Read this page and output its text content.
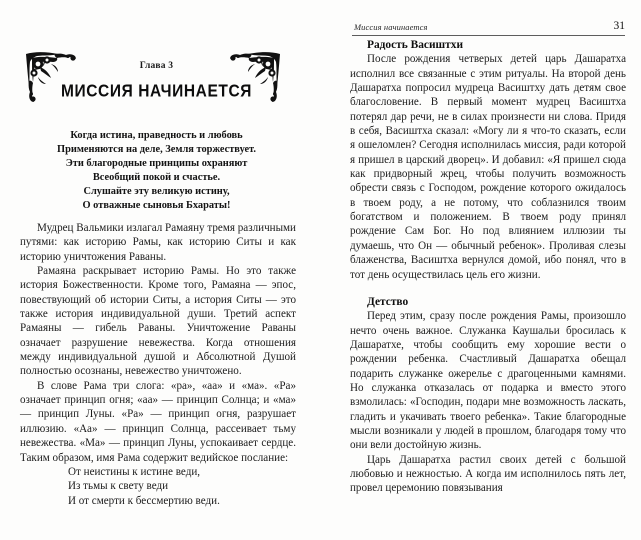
Глава 3
МИССИЯ НАЧИНАЕТСЯ
Когда истина, праведность и любовь
Применяются на деле, Земля торжествует.
Эти благородные принципы охраняют
Всеобщий покой и счастье.
Слушайте эту великую истину,
О отважные сыновья Бхараты!

Мудрец Вальмики излагал Рамаяну тремя различными путями: как историю Рамы, как историю Ситы и как историю уничтожения Раваны.

Рамаяна раскрывает историю Рамы. Но это также история Божественности. Кроме того, Рамаяна — эпос, повествующий об истории Ситы, а история Ситы — это также история индивидуальной души. Третий аспект Рамаяны — гибель Раваны. Уничтожение Раваны означает разрушение невежества. Когда отношения между индивидуальной душой и Абсолютной Душой полностью осознаны, невежество уничтожено.

В слове Рама три слога: «ра», «аа» и «ма». «Ра» означает принцип огня; «аа» — принцип Солнца; и «ма» — принцип Луны. «Ра» — принцип огня, разрушает иллюзию. «Аа» — принцип Солнца, рассеивает тьму невежества. «Ма» — принцип Луны, успокаивает сердце. Таким образом, имя Рама содержит ведийское послание:

От неистины к истине веди,
Из тьмы к свету веди
И от смерти к бессмертию веди.
Миссия начинается	31
Радость Васиштхи

После рождения четверых детей царь Дашаратха исполнил все связанные с этим ритуалы. На второй день Дашаратха попросил мудреца Васиштху дать детям свое благословение. В первый момент мудрец Васиштха потерял дар речи, не в силах произнести ни слова. Придя в себя, Васиштха сказал: «Могу ли я что-то сказать, если я ошеломлен? Сегодня исполнилась миссия, ради которой я пришел в царский дворец». И добавил: «Я пришел сюда как придворный жрец, чтобы получить возможность обрести связь с Господом, рождение которого ожидалось в твоем роду, а не потому, что соблазнился твоим богатством и положением. В твоем роду принял рождение Сам Бог. Но под влиянием иллюзии ты думаешь, что Он — обычный ребенок». Проливая слезы блаженства, Васиштха вернулся домой, ибо понял, что в тот день осуществилась цель его жизни.

Детство

Перед этим, сразу после рождения Рамы, произошло нечто очень важное. Служанка Каушальи бросилась к Дашаратхе, чтобы сообщить ему хорошие вести о рождении ребенка. Счастливый Дашаратха обещал подарить служанке ожерелье с драгоценными камнями. Но служанка отказалась от подарка и вместо этого взмолилась: «Господин, подари мне возможность ласкать, гладить и укачивать твоего ребенка». Такие благородные мысли возникали у людей в прошлом, благодаря тому что они вели достойную жизнь.

Царь Дашаратха растил своих детей с большой любовью и нежностью. А когда им исполнилось пять лет, провел церемонию повязывания
